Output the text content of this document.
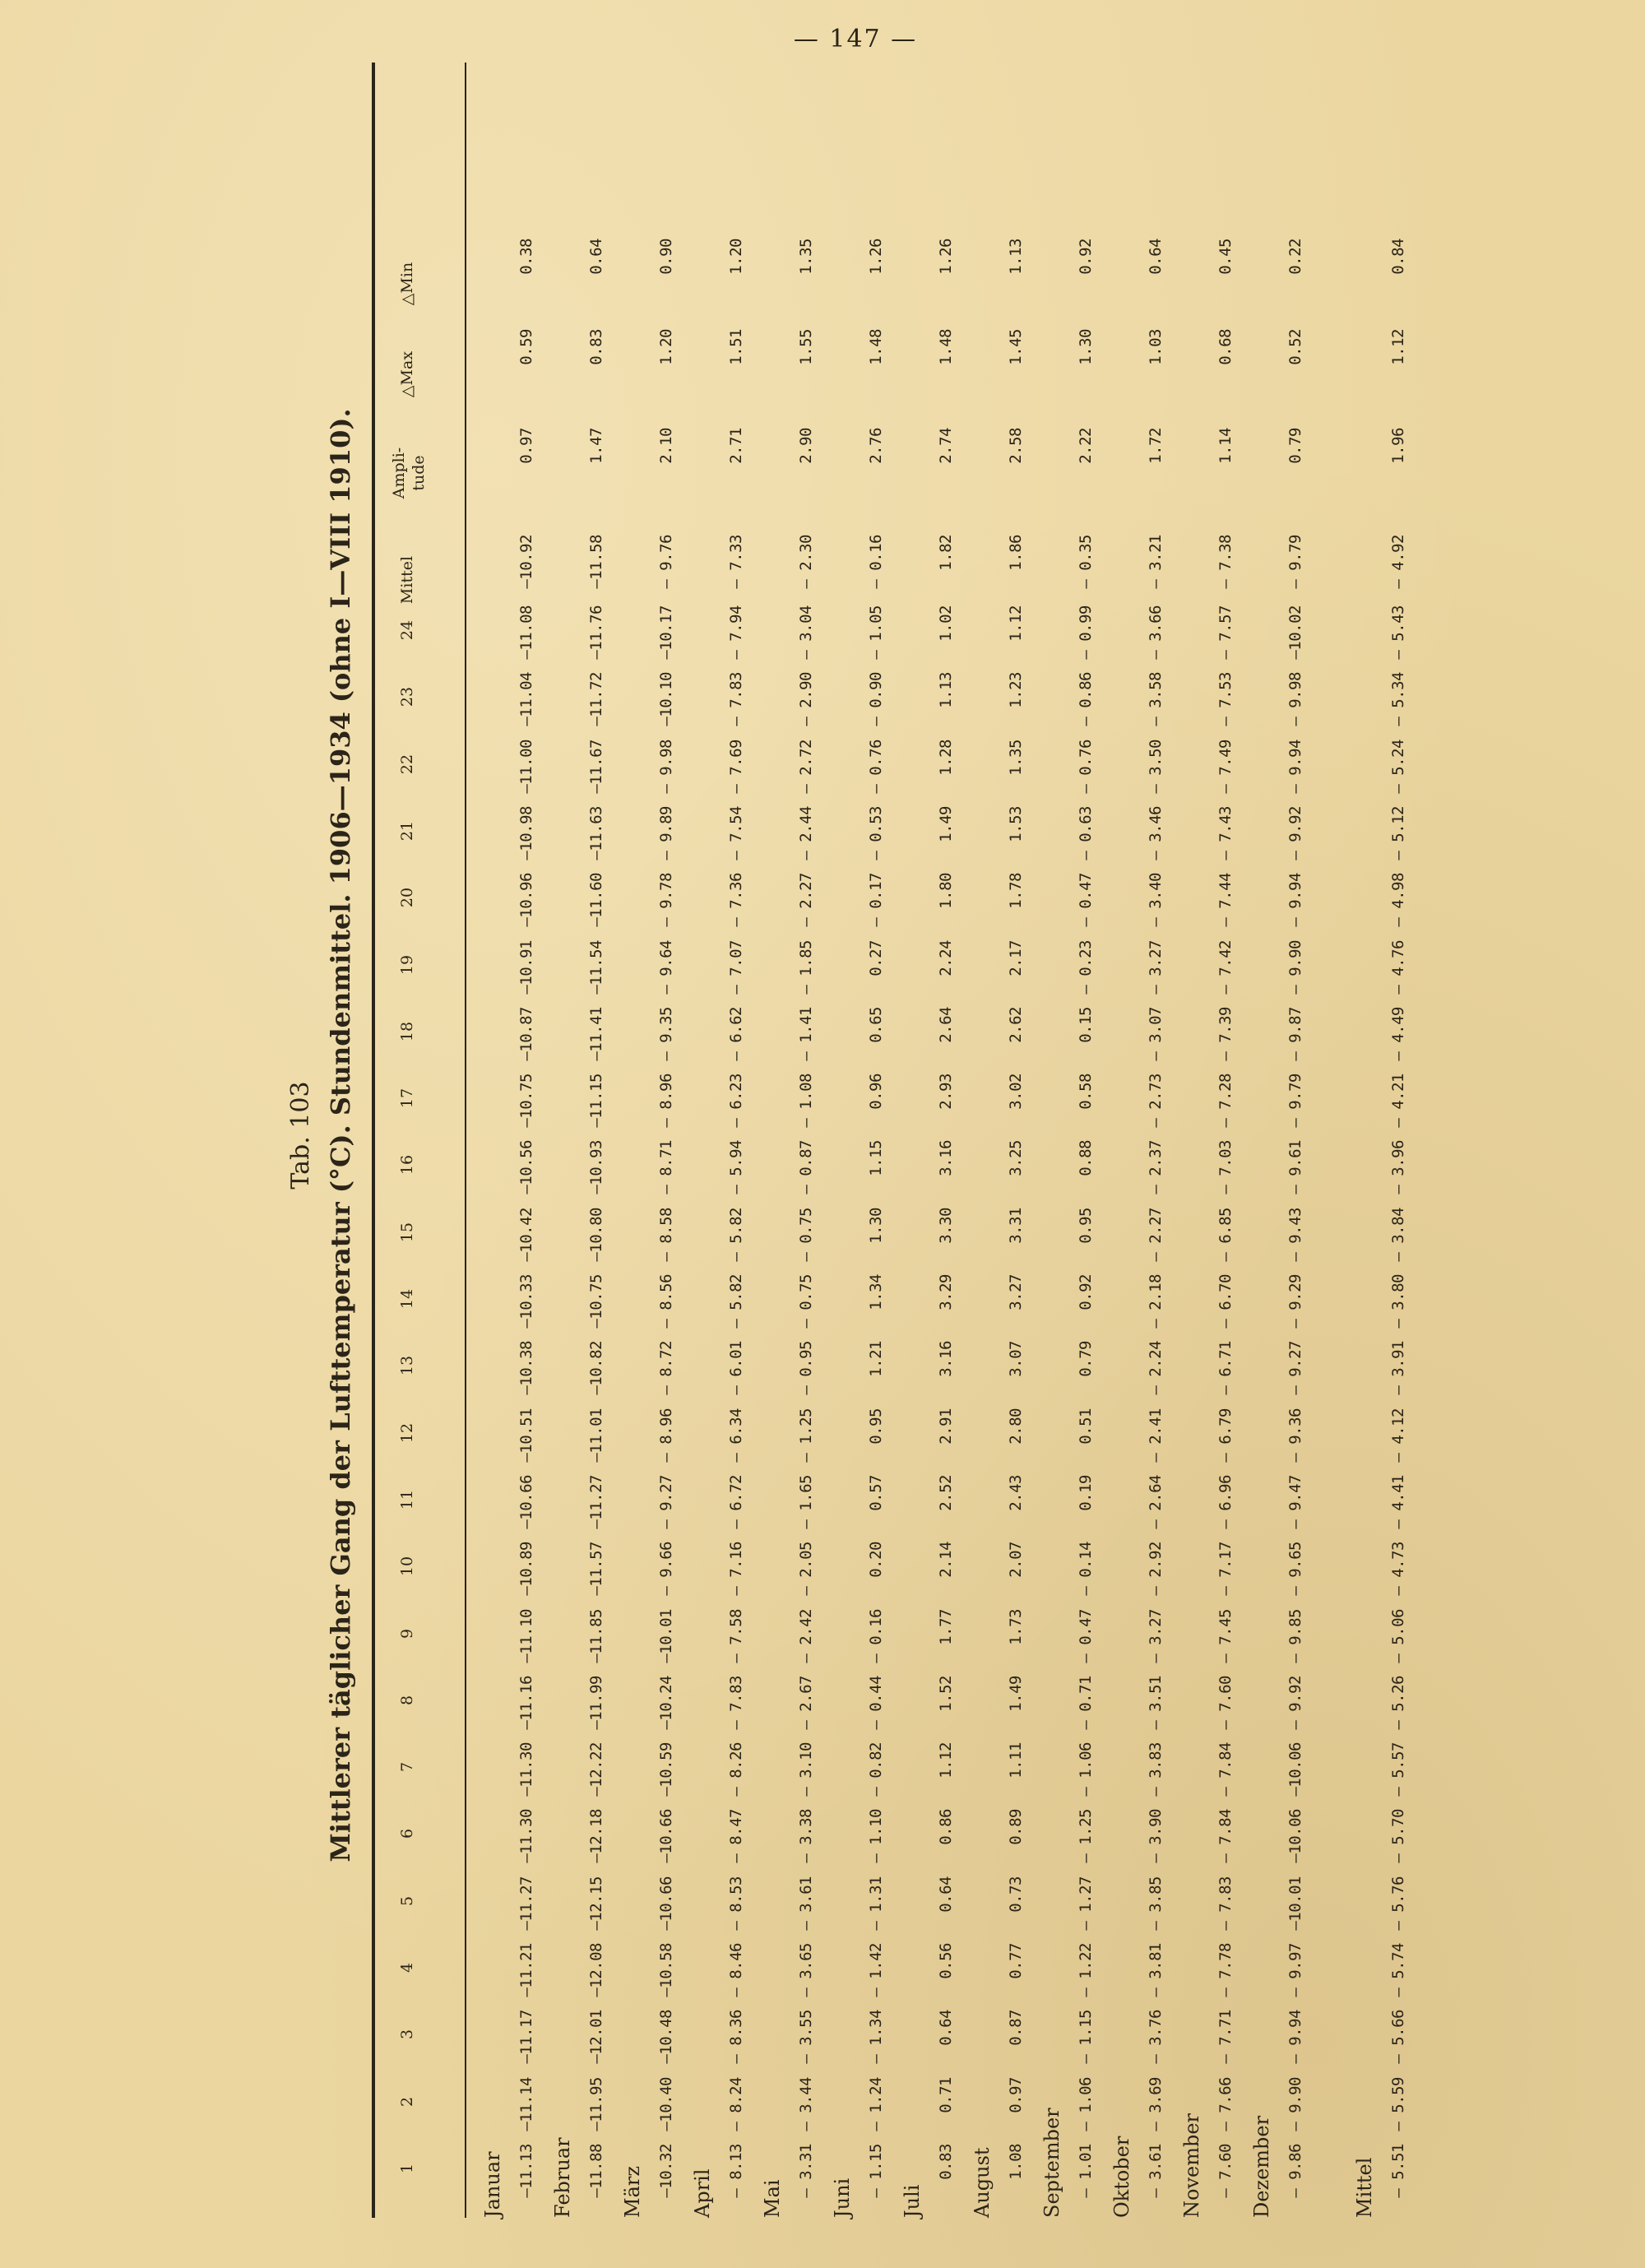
— 147 —
Tab. 103 Mittlerer täglicher Gang der Lufttemperatur (°C). Stundenmittel. 1906—1934 (ohne I—VIII 1910).
1
2
3
4
5
6
7
8
9
10
11
12
13
14
15
16
17
18
19
20
21
22
23
24
Mittel
Ampli-
tude
△Max
△Min
Januar —11.13
—11.14
—11.17
—11.21
—11.27
—11.30
—11.30
—11.16
—11.10
—10.89
—10.66
—10.51
—10.38
—10.33
—10.42
—10.56
—10.75
—10.87
—10.91
—10.96
—10.98
—11.00
—11.04
—11.08
—10.92
0.97
0.59
0.38
Februar —11.88
—11.95
—12.01
—12.08
—12.15
—12.18
—12.22
—11.99
—11.85
—11.57
—11.27
—11.01
—10.82
—10.75
—10.80
—10.93
—11.15
—11.41
—11.54
—11.60
—11.63
—11.67
—11.72
—11.76
—11.58
1.47
0.83
0.64
März —10.32
—10.40
—10.48
—10.58
—10.66
—10.66
—10.59
—10.24
—10.01
— 9.66
— 9.27
— 8.96
— 8.72
— 8.56
— 8.58
— 8.71
— 8.96
— 9.35
— 9.64
— 9.78
— 9.89
— 9.98
—10.10
—10.17
— 9.76
2.10
1.20
0.90
April — 8.13
— 8.24
— 8.36
— 8.46
— 8.53
— 8.47
— 8.26
— 7.83
— 7.58
— 7.16
— 6.72
— 6.34
— 6.01
— 5.82
— 5.82
— 5.94
— 6.23
— 6.62
— 7.07
— 7.36
— 7.54
— 7.69
— 7.83
— 7.94
— 7.33
2.71
1.51
1.20
Mai
— 3.31
— 3.44
— 3.55
— 3.65
— 3.61
— 3.38
— 3.10
— 2.67
— 2.42
— 2.05
— 1.65
— 1.25
— 0.95
— 0.75
— 0.75
— 0.87
— 1.08
— 1.41
— 1.85
— 2.27
— 2.44
— 2.72
— 2.90
— 3.04
— 2.30
2.90
1.55
1.35
Juni
— 1.15
— 1.24
— 1.34
— 1.42
— 1.31
— 1.10
— 0.82
— 0.44
— 0.16
0.20
0.57
0.95
1.21
1.34
1.30
1.15
0.96
0.65
0.27
— 0.17
— 0.53
— 0.76
— 0.90
— 1.05
— 0.16
2.76
1.48
1.26
Juli
0.83
0.71
0.64
0.56
0.64
0.86
1.12
1.52
1.77
2.14
2.52
2.91
3.16
3.29
3.30
3.16
2.93
2.64
2.24
1.80
1.49
1.28
1.13
1.02
1.82
2.74
1.48
1.26
August 1.08
0.97
0.87
0.77
0.73
0.89
1.11
1.49
1.73
2.07
2.43
2.80
3.07
3.27
3.31
3.25
3.02
2.62
2.17
1.78
1.53
1.35
1.23
1.12
1.86
2.58
1.45
1.13
September — 1.01
— 1.06
— 1.15
— 1.22
— 1.27
— 1.25
— 1.06
— 0.71
— 0.47
— 0.14
0.19
0.51
0.79
0.92
0.95
0.88
0.58
0.15
— 0.23
— 0.47
— 0.63
— 0.76
— 0.86
— 0.99
— 0.35
2.22
1.30
0.92
Oktober — 3.61
— 3.69
— 3.76
— 3.81
— 3.85
— 3.90
— 3.83
— 3.51
— 3.27
— 2.92
— 2.64
— 2.41
— 2.24
— 2.18
— 2.27
— 2.37
— 2.73
— 3.07
— 3.27
— 3.40
— 3.46
— 3.50
— 3.58
— 3.66
— 3.21
1.72
1.03
0.64
November — 7.60
— 7.66
— 7.71
— 7.78
— 7.83
— 7.84
— 7.84
— 7.60
— 7.45
— 7.17
— 6.96
— 6.79
— 6.71
— 6.70
— 6.85
— 7.03
— 7.28
— 7.39
— 7.42
— 7.44
— 7.43
— 7.49
— 7.53
— 7.57
— 7.38
1.14
0.68
0.45
Dezember — 9.86
— 9.90
— 9.94
— 9.97
—10.01
—10.06
—10.06
— 9.92
— 9.85
— 9.65
— 9.47
— 9.36
— 9.27
— 9.29
— 9.43
— 9.61
— 9.79
— 9.87
— 9.90
— 9.94
— 9.92
— 9.94
— 9.98
—10.02
— 9.79
0.79
0.52
0.22
Mittel — 5.51
— 5.59
— 5.66
— 5.74
— 5.76
— 5.70
— 5.57
— 5.26
— 5.06
— 4.73
— 4.41
— 4.12
— 3.91
— 3.80
— 3.84
— 3.96
— 4.21
— 4.49
— 4.76
— 4.98
— 5.12
— 5.24
— 5.34
— 5.43
— 4.92
1.96
1.12
0.84
